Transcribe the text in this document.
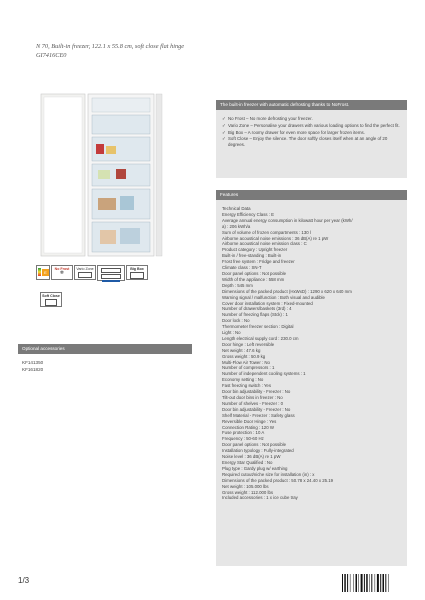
N 70, Built-in freezer, 122.1 x 55.8 cm, soft close flat hinge
GI7416CE0
E
No Frost
❄
Vario Zone	Big Box
Soft Close
Optional accessories
KF141350
KF161820
The built-in freezer with automatic defrosting thanks to NoFrost.
✓ No Frost – No more defrosting your freezer.
✓ Vario Zone – Personalise your drawers with various loading options to find the perfect fit.
✓ Big Box – A roomy drawer for even more space for larger frozen items.
✓ Soft Close – Enjoy the silence. The door softly closes itself when at an angle of 20 degrees.
Features
Technical Data
Energy Efficiency Class : E
Average annual energy consumption in kilowatt hour per year (kWh/
a) : 206 kWh/a
Sum of volume of frozen compartments : 130 l
Airborne acoustical noise emissions : 36 dB(A) re 1 pW
Airborne acoustical noise emission class : C
Product category : Upright freezer
Built-in / free-standing : Built-in
Frost free system : Fridge and freezer
Climate class : SN-T
Door panel options : Not possible
Width of the appliance : 558 mm
Depth : 545 mm
Dimensions of the packed product (HxWxD) : 1290 x 620 x 640 mm
Warning signal / malfunction : Both visual and audible
Cover door installation system : Fixed-mounted
Number of drawers/baskets (3rd) : 4
Number of freezing flaps (Stck) : 1
Door lock : No
Thermometer freezer section : Digital
Light : No
Length electrical supply cord : 230.0 cm
Door hinge : Left reversible
Net weight : 47.6 kg
Gross weight : 50.9 kg
Multi-Flow Air Tower : No
Number of compressors : 1
Number of independent cooling systems : 1
Economy setting : No
Fast freezing switch : Yes
Door bin adjustability - Freezer : No
Tilt-out door bins in freezer : No
Number of shelves - Freezer : 0
Door bin adjustability - Freezer : No
Shelf Material - Freezer : Safety glass
Reversible Door Hinge : Yes
Connection Rating : 120 W
Fuse protection : 10 A
Frequency : 50-60 Hz
Door panel options : Not possible
Installation typology : Fully-integrated
Noise level : 36 dB(A) re 1 pW
Energy Star Qualified : No
Plug type : Gardy plug w/ earthing
Required cutout/niche size for installation (in) : x
Dimensions of the packed product : 50.78 x 24.40 x 25.19
Net weight : 105.000 lbs
Gross weight : 112.000 lbs
Included accessories : 1 x ice cube tray
1/3
